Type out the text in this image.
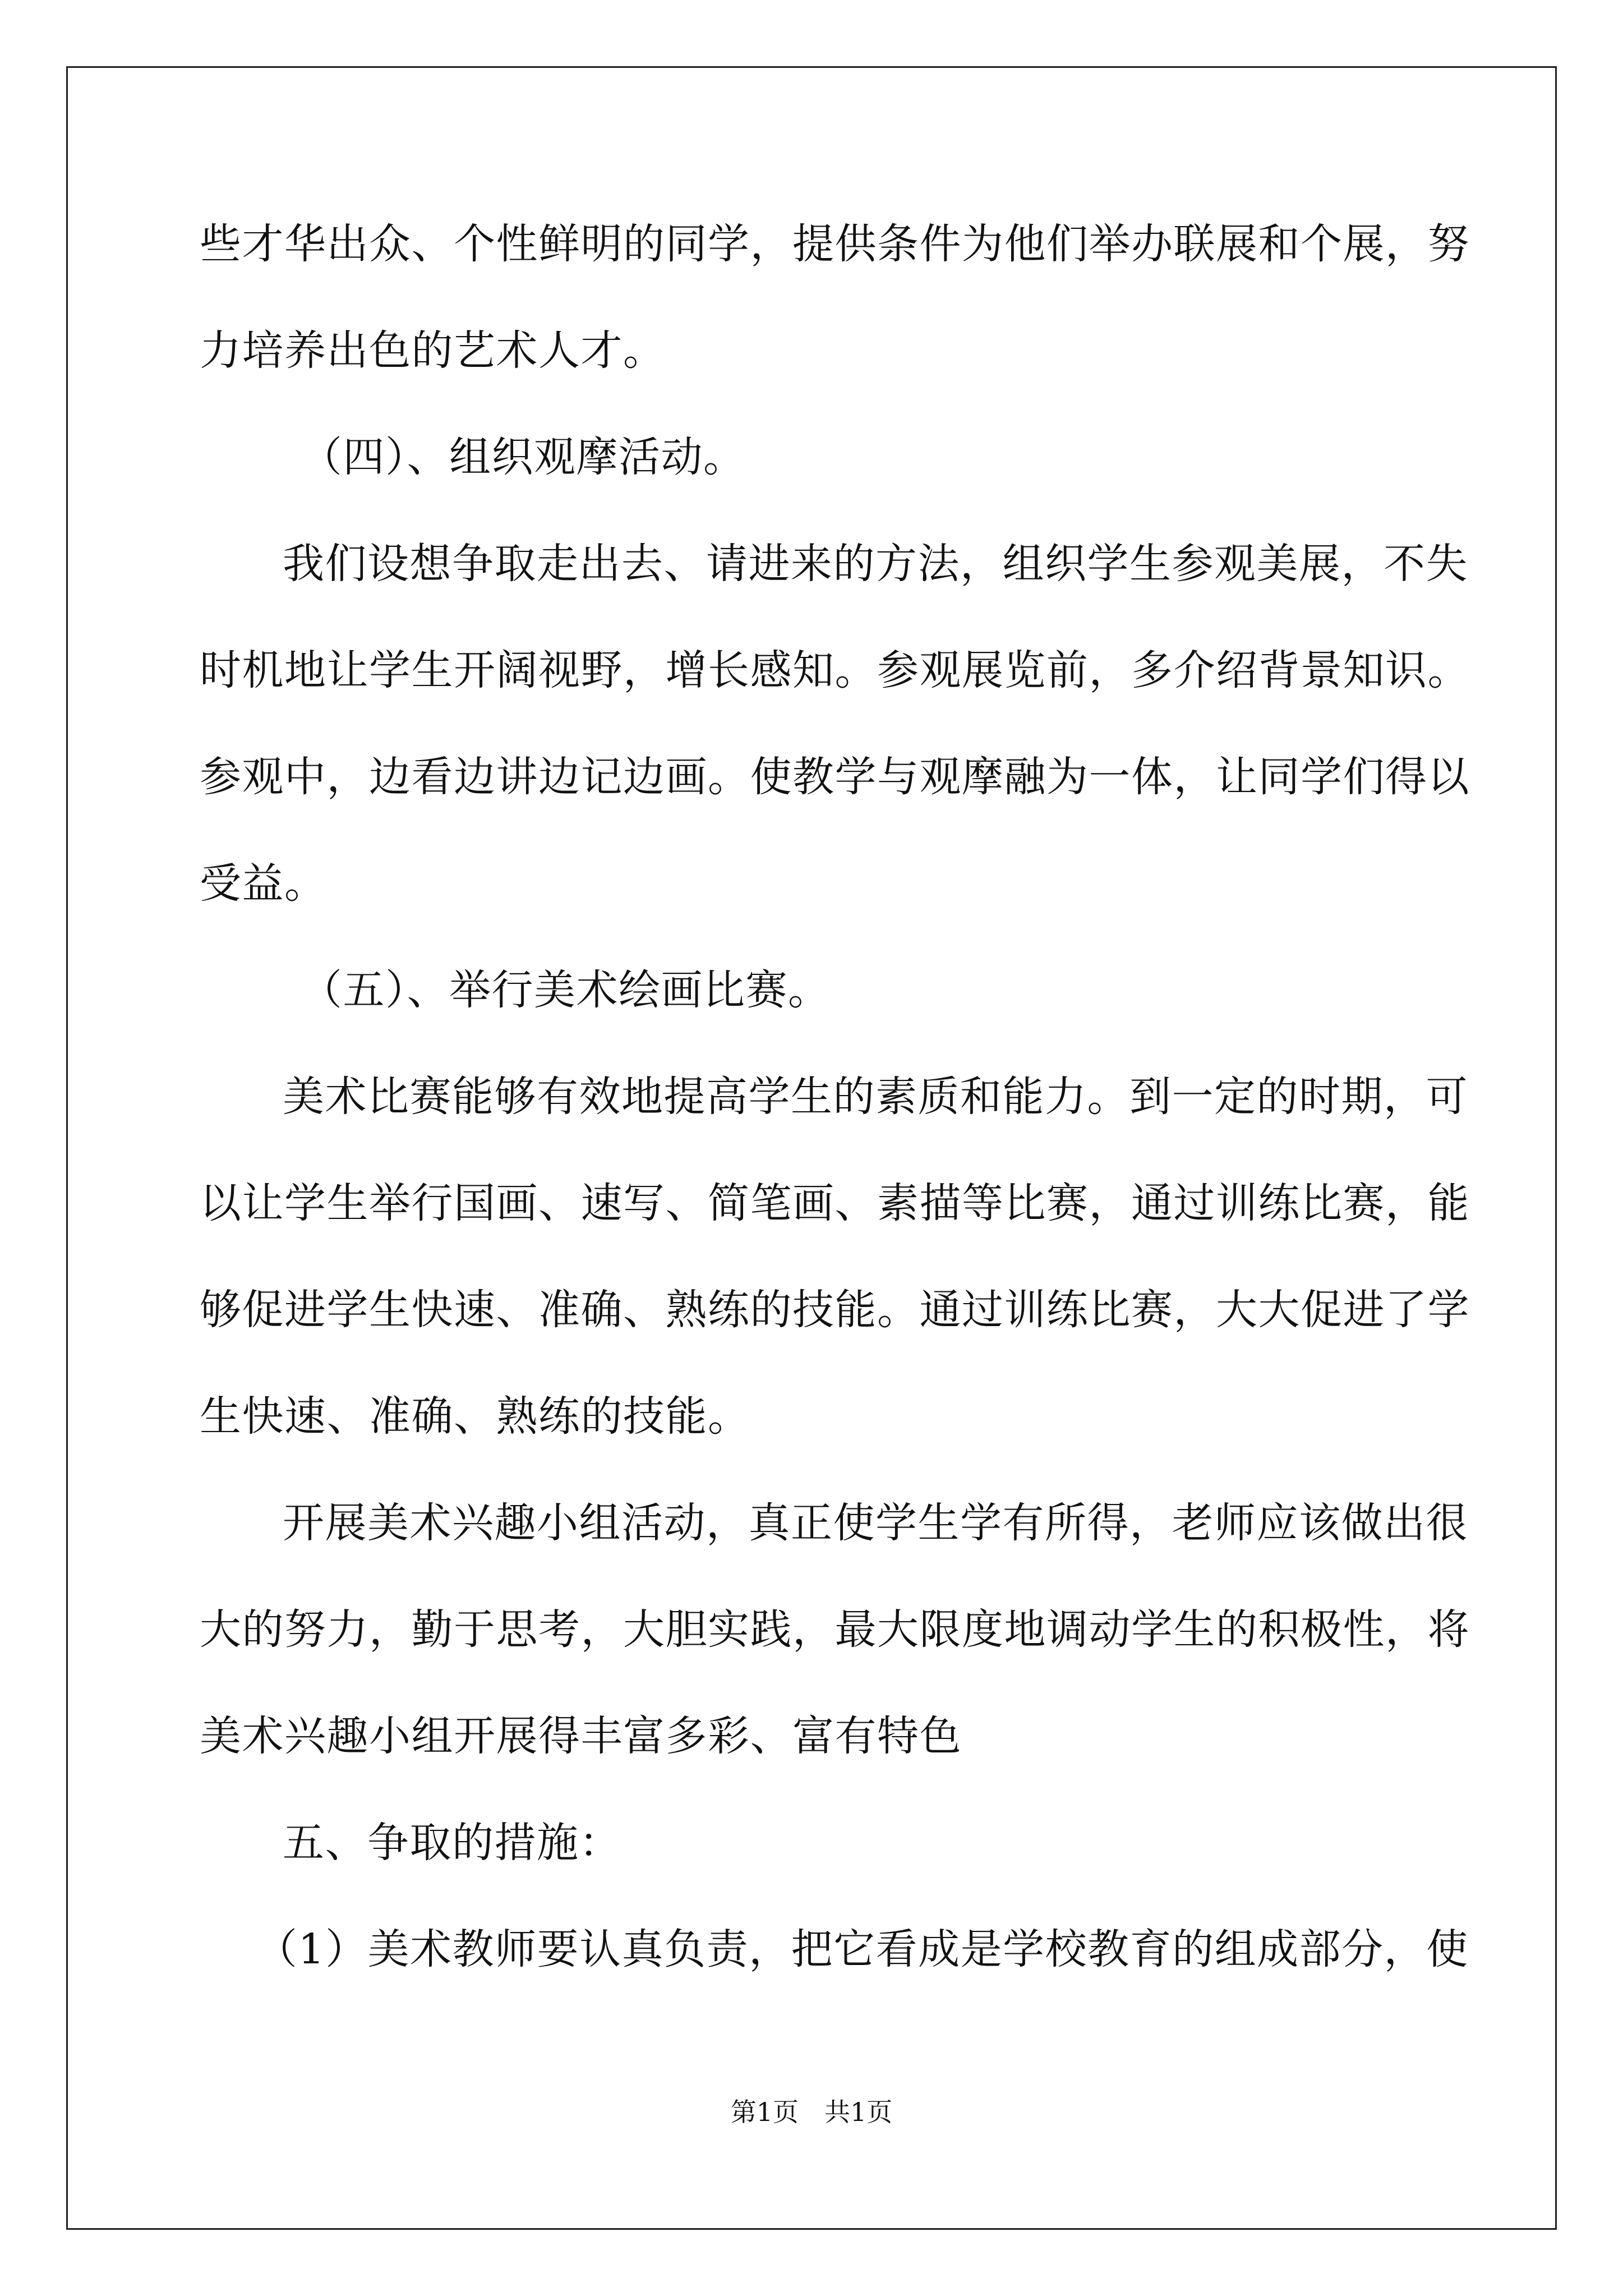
些才华出众、个性鲜明的同学，提供条件为他们举办联展和个展，努
力培养出色的艺术人才。
（四）、组织观摩活动。
我们设想争取走出去、请进来的方法，组织学生参观美展，不失
时机地让学生开阔视野，增长感知。参观展览前，多介绍背景知识。
参观中，边看边讲边记边画。使教学与观摩融为一体，让同学们得以
受益。
（五）、举行美术绘画比赛。
美术比赛能够有效地提高学生的素质和能力。到一定的时期，可
以让学生举行国画、速写、简笔画、素描等比赛，通过训练比赛，能
够促进学生快速、准确、熟练的技能。通过训练比赛，大大促进了学
生快速、准确、熟练的技能。
开展美术兴趣小组活动，真正使学生学有所得，老师应该做出很
大的努力，勤于思考，大胆实践，最大限度地调动学生的积极性，将
美术兴趣小组开展得丰富多彩、富有特色
五、争取的措施：
（1）美术教师要认真负责，把它看成是学校教育的组成部分，使
第1页　共1页
